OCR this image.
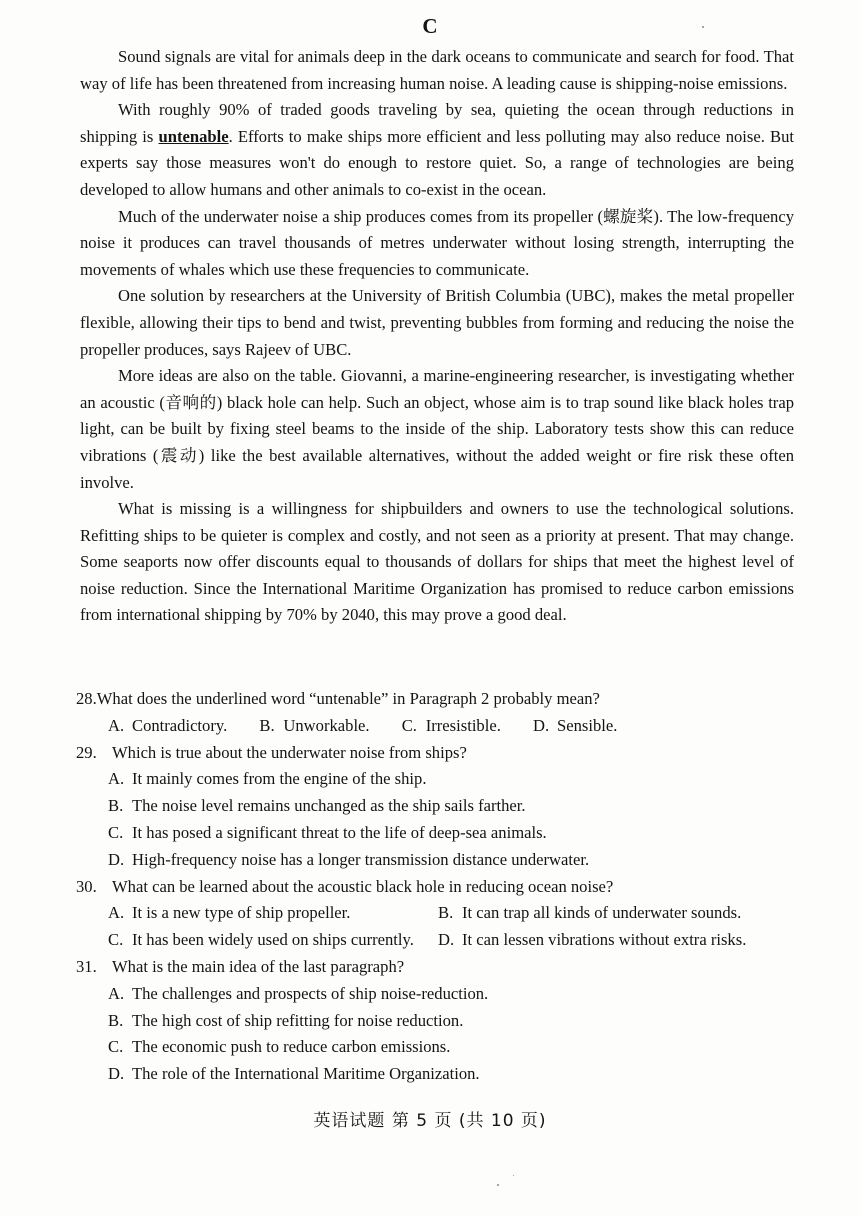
C

Sound signals are vital for animals deep in the dark oceans to communicate and search for food. That way of life has been threatened from increasing human noise. A leading cause is shipping-noise emissions.

With roughly 90% of traded goods traveling by sea, quieting the ocean through reductions in shipping is untenable. Efforts to make ships more efficient and less polluting may also reduce noise. But experts say those measures won't do enough to restore quiet. So, a range of technologies are being developed to allow humans and other animals to co-exist in the ocean.

Much of the underwater noise a ship produces comes from its propeller (螺旋桨). The low-frequency noise it produces can travel thousands of metres underwater without losing strength, interrupting the movements of whales which use these frequencies to communicate.

One solution by researchers at the University of British Columbia (UBC), makes the metal propeller flexible, allowing their tips to bend and twist, preventing bubbles from forming and reducing the noise the propeller produces, says Rajeev of UBC.

More ideas are also on the table. Giovanni, a marine-engineering researcher, is investigating whether an acoustic (音响的) black hole can help. Such an object, whose aim is to trap sound like black holes trap light, can be built by fixing steel beams to the inside of the ship. Laboratory tests show this can reduce vibrations (震动) like the best available alternatives, without the added weight or fire risk these often involve.

What is missing is a willingness for shipbuilders and owners to use the technological solutions. Refitting ships to be quieter is complex and costly, and not seen as a priority at present. That may change. Some seaports now offer discounts equal to thousands of dollars for ships that meet the highest level of noise reduction. Since the International Maritime Organization has promised to reduce carbon emissions from international shipping by 70% by 2040, this may prove a good deal.

28.What does the underlined word “untenable” in Paragraph 2 probably mean?
A. Contradictory. B. Unworkable. C. Irresistible. D. Sensible.
29. Which is true about the underwater noise from ships?
A. It mainly comes from the engine of the ship.
B. The noise level remains unchanged as the ship sails farther.
C. It has posed a significant threat to the life of deep-sea animals.
D. High-frequency noise has a longer transmission distance underwater.
30. What can be learned about the acoustic black hole in reducing ocean noise?
A. It is a new type of ship propeller.	B. It can trap all kinds of underwater sounds.
C. It has been widely used on ships currently. D. It can lessen vibrations without extra risks.
31. What is the main idea of the last paragraph?
A. The challenges and prospects of ship noise-reduction.
B. The high cost of ship refitting for noise reduction.
C. The economic push to reduce carbon emissions.
D. The role of the International Maritime Organization.
英语试题 第 5 页 (共 10 页)
